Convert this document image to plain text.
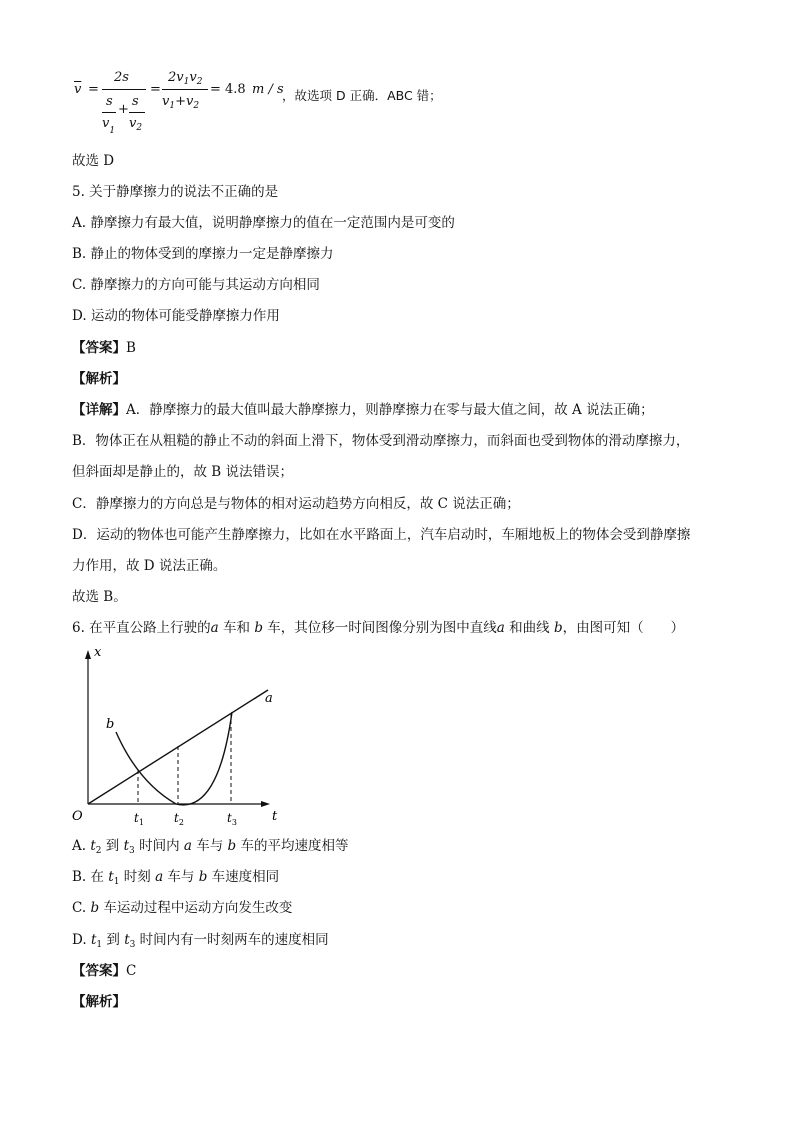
$\overline{v}$ =
2s
s
$v_1$
+
s
$v_2$
=
$2v_1v_2$
$v_1+v_2$
= 4.8 m / s
，故选项 D 正确．ABC 错；
故选 D
5. 关于静摩擦力的说法不正确的是
A. 静摩擦力有最大值，说明静摩擦力的值在一定范围内是可变的
B. 静止的物体受到的摩擦力一定是静摩擦力
C. 静摩擦力的方向可能与其运动方向相同
D. 运动的物体可能受静摩擦力作用
【答案】B
【解析】
【详解】A．静摩擦力的最大值叫最大静摩擦力，则静摩擦力在零与最大值之间，故 A 说法正确；
B．物体正在从粗糙的静止不动的斜面上滑下，物体受到滑动摩擦力，而斜面也受到物体的滑动摩擦力，
但斜面却是静止的，故 B 说法错误；
C．静摩擦力的方向总是与物体的相对运动趋势方向相反，故 C 说法正确；
D．运动的物体也可能产生静摩擦力，比如在水平路面上，汽车启动时，车厢地板上的物体会受到静摩擦
力作用，故 D 说法正确。
故选 B。
6. 在平直公路上行驶的a 车和 b 车，其位移一时间图像分别为图中直线a 和曲线 b，由图可知（　　）
x
t
O
a
b
$t_1$	$t_2$	$t_3$
A. $t_2$ 到 $t_3$ 时间内 a 车与 b 车的平均速度相等
B. 在 $t_1$ 时刻 a 车与 b 车速度相同
C. b 车运动过程中运动方向发生改变
D. $t_1$ 到 $t_3$ 时间内有一时刻两车的速度相同
【答案】C
【解析】
